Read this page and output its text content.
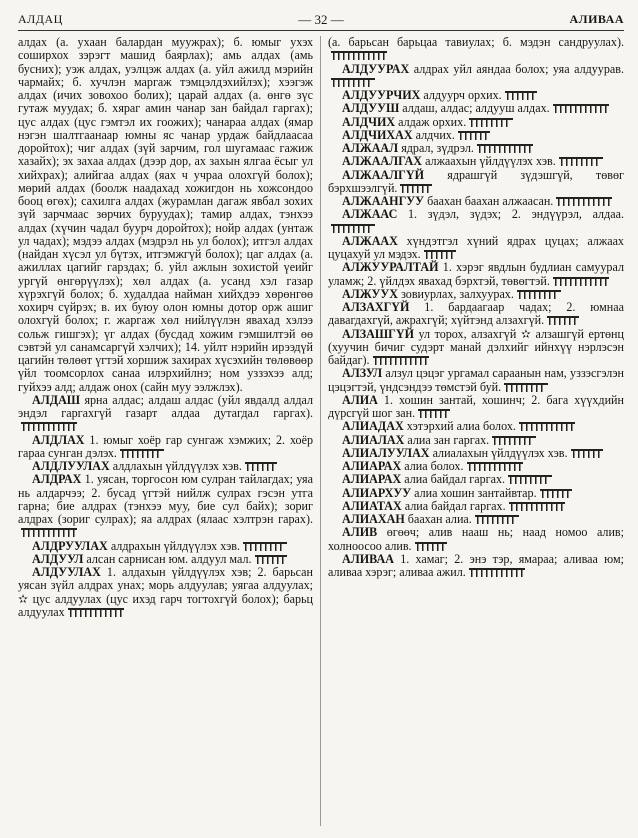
АЛДАЦ	— 32 —	АЛИВАА

алдах (а. ухаан балардан муужрах); б. юмыг ухэх соширхох зэрэгт машид баярлах); амь алдах (амь бусних); уэж алдах, уэлцэж алдах (а. уйл ажилд мэрийн чармайх; б. хучлэн маргаж тэмцэлдэхийлэх); хээгэж алдах (ичих зовохоо болих); царай алдах (а. өнгө зүс гутаж муудах; б. хяраг амин чанар зан байдал гаргах); цус алдах (цус гэмтэл их гоожих); чанараа алдах (ямар нэгэн шалтгаанаар юмны яс чанар урдаж байдлаасаа доройтох); чиг алдах (зүй зарчим, гол шугамаас гажиж хазайх); эх захаа алдах (дээр дор, ах захын ялгаа ёсыг ул хийхрах); алийгаа алдах (яах ч учраа олохгүй болох); мөрий алдах (боолж наадахад хожигдон нь хожсондоо бооц өгөх); сахилга алдах (журамлан дагаж явбал зохих зүй зарчмаас зөрчих буруудах); тамир алдах, тэнхээ алдах (хүчин чадал буурч доройтох); нойр алдах (унтаж ул чадах); мэдээ алдах (мэдрэл нь ул болох); итгэл алдах (найдан хүсэл ул бүтэх, итгэмжгүй болох); цаг алдах (а. ажиллах цагийг гарздах; б. уйл ажлын зохистой үеийг ургүй өнгөрүүлэх); хөл алдах (а. усанд хэл газар хүрэхгүй болох; б. худалдаа найман хийхдээ хөрөнгөө хохирч сүйрэх; в. их буюу олон юмны дотор орж ашиг олохгүй болох; г. жаргаж хөл нийлүүлэн явахад хэлээ сольж гишгэх); үг алдах (бусдад хожим гэмшилтэй өө сэвтэй ул санамсаргүй хэлчих); 14. уйлт нэрийн ирээдүй цагийн төлөөт үгтэй хоршиж захирах хүсэхийн төлөвөөр үйл тоомсорлох санаа илэрхийлнэ; ном уззэхээ алд; гуйхээ алд; алдаж онох (сайн муу ээлжлэх).

АЛДАШ ярна алдас; алдаш алдас (уйл явдалд алдал эндэл гаргахгүй газарт алдаа дутагдал гаргах).

АЛДЛАХ 1. юмыг хоёр гар сунгаж хэмжих; 2. хоёр гараа сунган дэлэх.

АЛДЛУУЛАХ алдлахын үйлдүүлэх хэв.

АЛДРАХ 1. уясан, торгосон юм сулран тайлагдах; уяа нь алдарчээ; 2. бусад үгтэй нийлж сулрах гэсэн утга гарна; бие алдрах (тэнхээ муу, бие сул байх); зориг алдрах (зориг сулрах); яа алдрах (ялаас хэлтрэн гарах).

АЛДРУУЛАХ алдрахын үйлдүүлэх хэв.

АЛДУУЛ алсан сарнисан юм. алдуул мал.

АЛДУУЛАХ 1. алдахын үйлдүүлэх хэв; 2. барьсан уясан зүйл алдрах унах; морь алдуулав; уягаа алдуулах; ✫ цус алдуулах (цус ихэд гарч тогтохгүй болох); барьц алдуулах

(а. барьсан барьцаа тавиулах; б. мэдэн сандруулах).

АЛДУУРАХ алдрах уйл аяндаа болох; уяа алдуурав.

АЛДУУРЧИХ алдуурч орхих.

АЛДУУШ алдаш, алдас; алдууш алдах.

АЛДЧИХ алдаж орхих.

АЛДЧИХАХ алдчих.

АЛЖААЛ ядрал, зүдрэл.

АЛЖААЛГАХ алжаахын үйлдүүлэх хэв.

АЛЖААЛГҮЙ ядрашгүй зүдэшгүй, төвөг бэрхшээлгүй.

АЛЖААНГУУ баахан баахан алжаасан.

АЛЖААС 1. зүдэл, зүдэх; 2. эндүүрэл, алдаа.

АЛЖААХ хүндэтгэл хүний ядрах цуцах; алжаах цуцахуй ул мэдэх.

АЛЖУУРАЛТАЙ 1. хэрэг явдлын будлиан самуурал уламж; 2. үйлдэх явахад бэрхтэй, төвөгтэй.

АЛЖУУХ зовиурлах, залхуурах.

АЛЗАХГҮЙ 1. бардаагаар чадах; 2. юмнаа давагдахгүй, ажрахгүй; хүйтэнд алзахгүй.

АЛЗАШГҮЙ ул торох, алзахгүй ✫ алзашгүй ертөнц (хуучин бичиг судэрт манай дэлхийг ийнхүү нэрлэсэн байдаг).

АЛЗУЛ алзул цэцэг ургамал сараанын нам, уззэсгэлэн цэцэгтэй, үндсэндээ төмстэй буй.

АЛИА 1. хошин зантай, хошинч; 2. бага хүүхдийн дүрсгүй шог зан.

АЛИАДАХ хэтэрхий алиа болох.

АЛИАЛАХ алиа зан гаргах.

АЛИАЛУУЛАХ алиалахын үйлдүүлэх хэв.

АЛИАРАХ алиа болох.

АЛИАРАХ алиа байдал гаргах.

АЛИАРХУУ алиа хошин зантайвтар.

АЛИАТАХ алиа байдал гаргах.

АЛИАХАН баахан алиа.

АЛИВ өгөөч; алив нааш нь; наад номоо алив; холноосоо алив.

АЛИВАА 1. хамаг; 2. энэ тэр, ямараа; аливаа юм; аливаа хэрэг; аливаа ажил.
